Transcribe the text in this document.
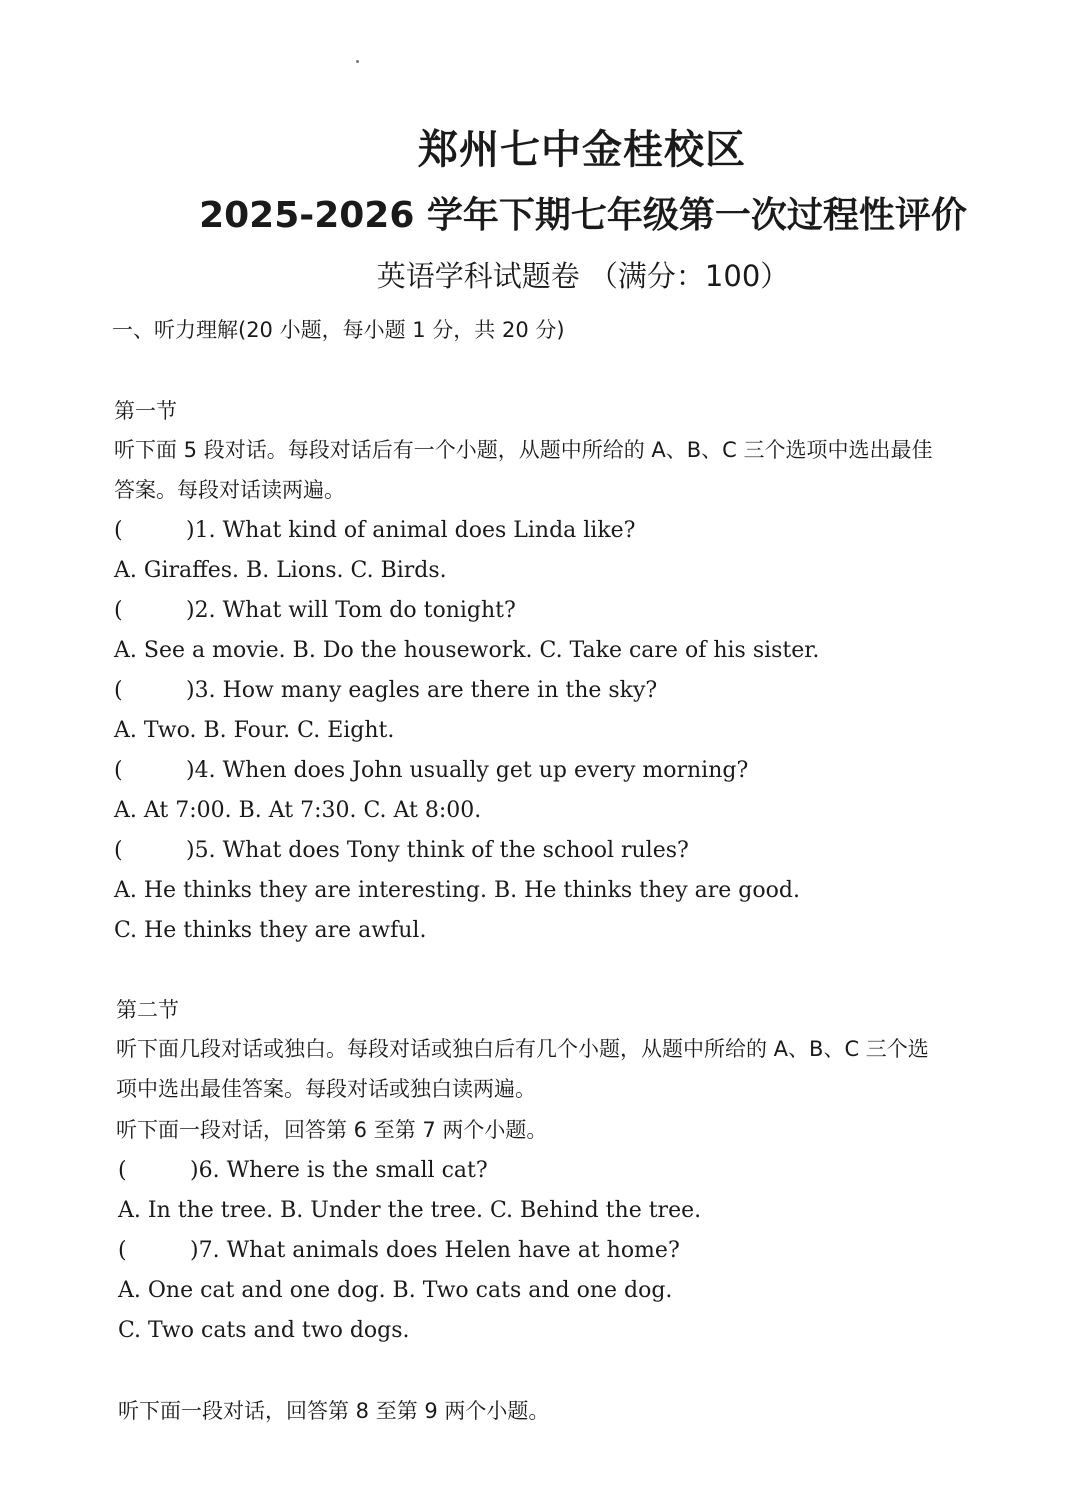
郑州七中金桂校区
2025-2026 学年下期七年级第一次过程性评价
英语学科试题卷 （满分：100）
一、听力理解(20 小题，每小题 1 分，共 20 分)
第一节
听下面 5 段对话。每段对话后有一个小题，从题中所给的 A、B、C 三个选项中选出最佳
答案。每段对话读两遍。
(	)1. What kind of animal does Linda like?
A. Giraffes. B. Lions. C. Birds.
(	)2. What will Tom do tonight?
A. See a movie. B. Do the housework. C. Take care of his sister.
(	)3. How many eagles are there in the sky?
A. Two. B. Four. C. Eight.
(	)4. When does John usually get up every morning?
A. At 7:00. B. At 7:30. C. At 8:00.
(	)5. What does Tony think of the school rules?
A. He thinks they are interesting. B. He thinks they are good.
C. He thinks they are awful.
第二节
听下面几段对话或独白。每段对话或独白后有几个小题，从题中所给的 A、B、C 三个选
项中选出最佳答案。每段对话或独白读两遍。
听下面一段对话，回答第 6 至第 7 两个小题。
(	)6. Where is the small cat?
A. In the tree. B. Under the tree. C. Behind the tree.
(	)7. What animals does Helen have at home?
A. One cat and one dog. B. Two cats and one dog.
C. Two cats and two dogs.
听下面一段对话，回答第 8 至第 9 两个小题。
